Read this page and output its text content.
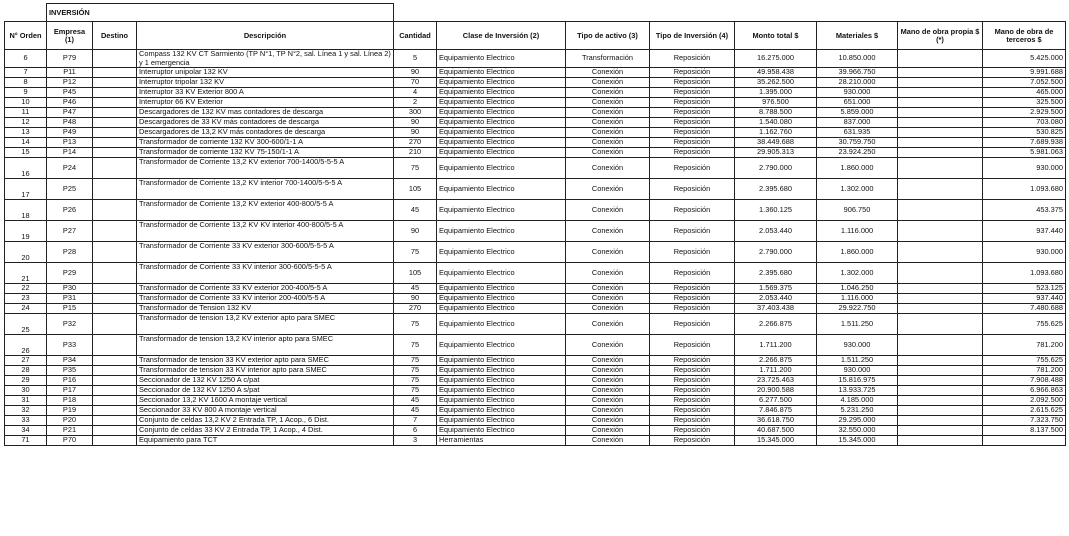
	INVERSIÓN										
N° Orden	Empresa (1)	Destino	Descripción	Cantidad	Clase de Inversión (2)	Tipo de activo (3)	Tipo de Inversión (4)	Monto total $	Materiales $	Mano de obra propia $ (*)	Mano de obra de terceros $
6	P79		Compass 132 KV CT Sarmiento (TP N°1, TP N°2, sal. Línea 1 y sal. Línea 2) y 1 emergencia	5	Equipamiento Electrico	Transformación	Reposición	16.275.000	10.850.000		5.425.000
7	P11		Interruptor unipolar 132 KV	90	Equipamiento Electrico	Conexión	Reposición	49.958.438	39.966.750		9.991.688
8	P12		Interruptor tripolar 132 KV	70	Equipamiento Electrico	Conexión	Reposición	35.262.500	28.210.000		7.052.500
9	P45		Interruptor 33 KV Exterior 800 A	4	Equipamiento Electrico	Conexión	Reposición	1.395.000	930.000		465.000
10	P46		Interruptor 66 KV Exterior	2	Equipamiento Electrico	Conexión	Reposición	976.500	651.000		325.500
11	P47		Descargadores de 132 KV mas contadores de descarga	300	Equipamiento Electrico	Conexión	Reposición	8.788.500	5.859.000		2.929.500
12	P48		Descargadores de 33 KV más contadores de descarga	90	Equipamiento Electrico	Conexión	Reposición	1.540.080	837.000		703.080
13	P49		Descargadores de 13,2 KV más contadores de descarga	90	Equipamiento Electrico	Conexión	Reposición	1.162.760	631.935		530.825
14	P13		Transformador de corriente 132 KV 300-600/1-1 A	270	Equipamiento Electrico	Conexión	Reposición	38.449.688	30.759.750		7.689.938
15	P14		Transformador de corriente 132 KV 75-150/1-1 A	210	Equipamiento Electrico	Conexión	Reposición	29.905.313	23.924.250		5.981.063
16	P24		Transformador de Corriente 13,2 KV exterior 700-1400/5-5-5 A	75	Equipamiento Electrico	Conexión	Reposición	2.790.000	1.860.000		930.000
17	P25		Transformador de Corriente 13,2 KV interior 700-1400/5-5-5 A	105	Equipamiento Electrico	Conexión	Reposición	2.395.680	1.302.000		1.093.680
18	P26		Transformador de Corriente 13,2 KV exterior 400-800/5-5 A	45	Equipamiento Electrico	Conexión	Reposición	1.360.125	906.750		453.375
19	P27		Transformador de Corriente 13,2 KV KV interior 400-800/5-5 A	90	Equipamiento Electrico	Conexión	Reposición	2.053.440	1.116.000		937.440
20	P28		Transformador de Corriente 33 KV exterior 300-600/5-5-5 A	75	Equipamiento Electrico	Conexión	Reposición	2.790.000	1.860.000		930.000
21	P29		Transformador de Corriente 33 KV interior 300-600/5-5-5 A	105	Equipamiento Electrico	Conexión	Reposición	2.395.680	1.302.000		1.093.680
22	P30		Transformador de Corriente 33 KV exterior 200-400/5-5 A	45	Equipamiento Electrico	Conexión	Reposición	1.569.375	1.046.250		523.125
23	P31		Transformador de Corriente 33 KV interior 200-400/5-5 A	90	Equipamiento Electrico	Conexión	Reposición	2.053.440	1.116.000		937.440
24	P15		Transformador de Tension 132 KV	270	Equipamiento Electrico	Conexión	Reposición	37.403.438	29.922.750		7.480.688
25	P32		Transformador de tension 13,2 KV exterior apto para SMEC	75	Equipamiento Electrico	Conexión	Reposición	2.266.875	1.511.250		755.625
26	P33		Transformador de tension 13,2 KV interior apto para SMEC	75	Equipamiento Electrico	Conexión	Reposición	1.711.200	930.000		781.200
27	P34		Transformador de tension 33 KV exterior apto para SMEC	75	Equipamiento Electrico	Conexión	Reposición	2.266.875	1.511.250		755.625
28	P35		Transformador de tension 33 KV interior apto para SMEC	75	Equipamiento Electrico	Conexión	Reposición	1.711.200	930.000		781.200
29	P16		Seccionador de 132 KV 1250 A c/pat	75	Equipamiento Electrico	Conexión	Reposición	23.725.463	15.816.975		7.908.488
30	P17		Seccionador de 132 KV 1250 A s/pat	75	Equipamiento Electrico	Conexión	Reposición	20.900.588	13.933.725		6.966.863
31	P18		Seccionador 13,2 KV 1600 A montaje vertical	45	Equipamiento Electrico	Conexión	Reposición	6.277.500	4.185.000		2.092.500
32	P19		Seccionador 33 KV 800 A montaje vertical	45	Equipamiento Electrico	Conexión	Reposición	7.846.875	5.231.250		2.615.625
33	P20		Conjunto de celdas 13,2 KV 2 Entrada TP, 1 Acop., 6 Dist.	7	Equipamiento Electrico	Conexión	Reposición	36.618.750	29.295.000		7.323.750
34	P21		Conjunto de celdas 33 KV 2 Entrada TP, 1 Acop., 4 Dist.	6	Equipamiento Electrico	Conexión	Reposición	40.687.500	32.550.000		8.137.500
71	P70		Equipamiento para TCT	3	Herramientas	Conexión	Reposición	15.345.000	15.345.000		
